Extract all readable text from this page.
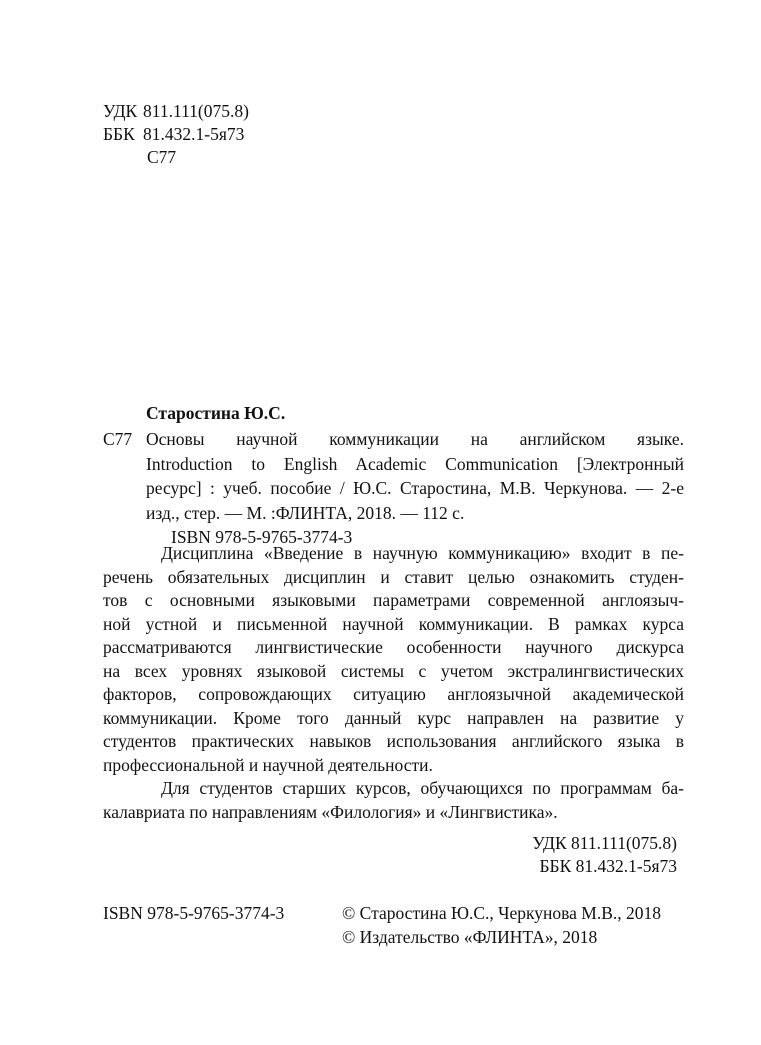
УДК 811.111(075.8)
ББК 81.432.1-5я73
С77
Старостина Ю.С.
С77 Основы научной коммуникации на английском языке.
Introduction to English Academic Communication [Электронный
ресурс] : учеб. пособие / Ю.С. Старостина, М.В. Черкунова. — 2-е
изд., стер. — М. :ФЛИНТА, 2018. — 112 с.
ISBN 978-5-9765-3774-3
Дисциплина «Введение в научную коммуникацию» входит в пе-
речень обязательных дисциплин и ставит целью ознакомить студен-
тов с основными языковыми параметрами современной англоязыч-
ной устной и письменной научной коммуникации. В рамках курса
рассматриваются лингвистические особенности научного дискурса
на всех уровнях языковой системы с учетом экстралингвистических
факторов, сопровождающих ситуацию англоязычной академической
коммуникации. Кроме того данный курс направлен на развитие у
студентов практических навыков использования английского языка в
профессиональной и научной деятельности.
Для студентов старших курсов, обучающихся по программам ба-
калавриата по направлениям «Филология» и «Лингвистика».
УДК 811.111(075.8)
ББК 81.432.1-5я73
ISBN 978-5-9765-3774-3	© Старостина Ю.С., Черкунова М.В., 2018
© Издательство «ФЛИНТА», 2018
